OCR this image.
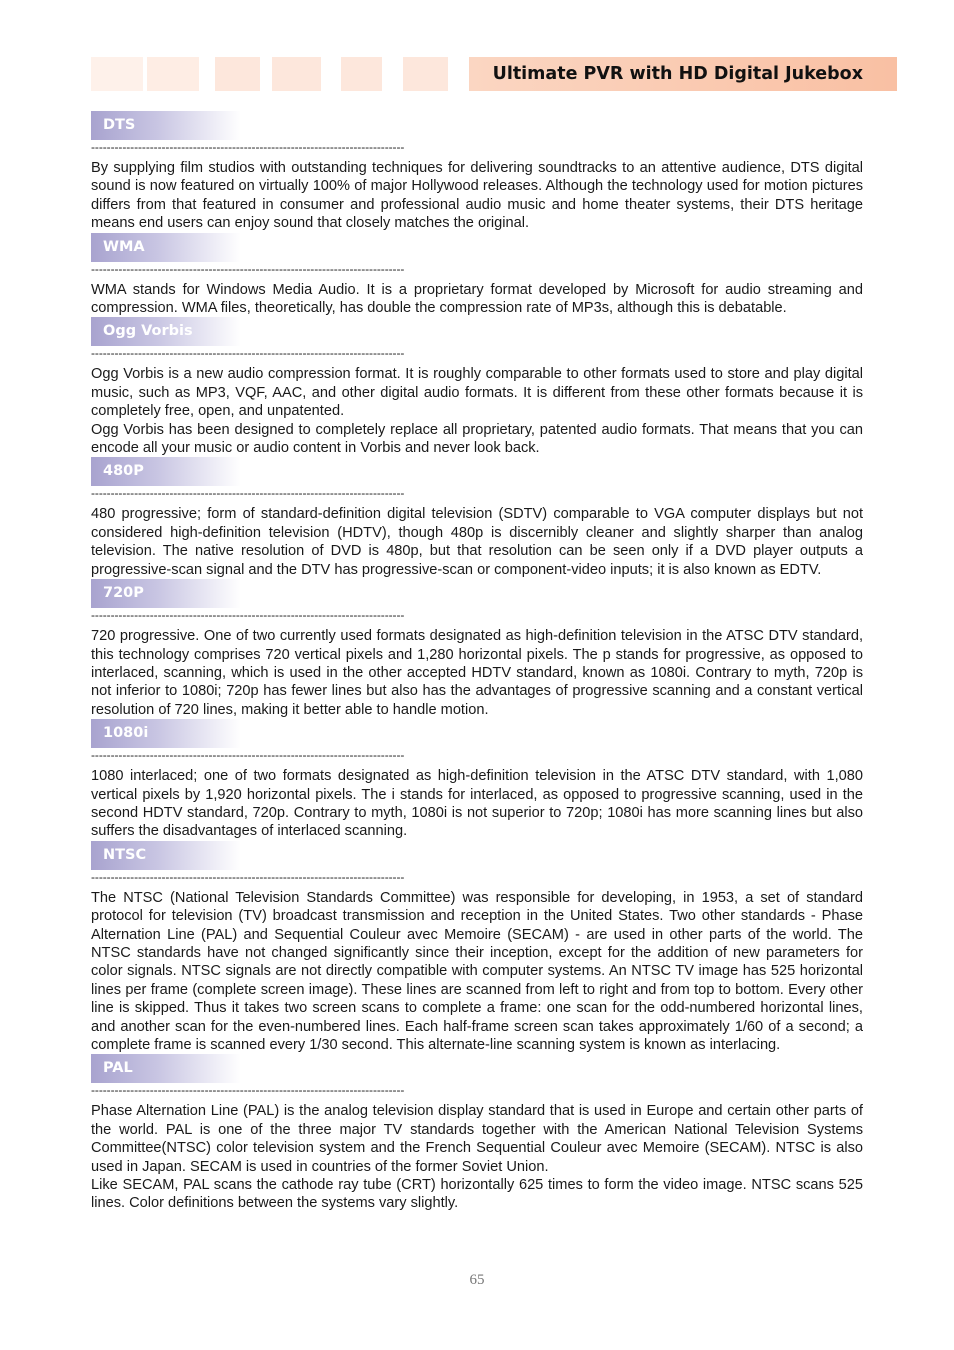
Ultimate PVR with HD Digital Jukebox
DTS
--------------------------------------------------------------------------------

By supplying film studios with outstanding techniques for delivering soundtracks to an attentive audience, DTS digital sound is now featured on virtually 100% of major Hollywood releases. Although the technology used for motion pictures differs from that featured in consumer and professional audio music and home theater systems, their DTS heritage means end users can enjoy sound that closely matches the original.

WMA
--------------------------------------------------------------------------------

WMA stands for Windows Media Audio. It is a proprietary format developed by Microsoft for audio streaming and compression. WMA files, theoretically, has double the compression rate of MP3s, although this is debatable.

Ogg Vorbis
--------------------------------------------------------------------------------

Ogg Vorbis is a new audio compression format. It is roughly comparable to other formats used to store and play digital music, such as MP3, VQF, AAC, and other digital audio formats. It is different from these other formats because it is completely free, open, and unpatented.

Ogg Vorbis has been designed to completely replace all proprietary, patented audio formats. That means that you can encode all your music or audio content in Vorbis and never look back.

480P
--------------------------------------------------------------------------------

480 progressive; form of standard-definition digital television (SDTV) comparable to VGA computer displays but not considered high-definition television (HDTV), though 480p is discernibly cleaner and slightly sharper than analog television. The native resolution of DVD is 480p, but that resolution can be seen only if a DVD player outputs a progressive-scan signal and the DTV has progressive-scan or component-video inputs; it is also known as EDTV.

720P
--------------------------------------------------------------------------------

720 progressive. One of two currently used formats designated as high-definition television in the ATSC DTV standard, this technology comprises 720 vertical pixels and 1,280 horizontal pixels. The p stands for progressive, as opposed to interlaced, scanning, which is used in the other accepted HDTV standard, known as 1080i. Contrary to myth, 720p is not inferior to 1080i; 720p has fewer lines but also has the advantages of progressive scanning and a constant vertical resolution of 720 lines, making it better able to handle motion.

1080i
--------------------------------------------------------------------------------

1080 interlaced; one of two formats designated as high-definition television in the ATSC DTV standard, with 1,080 vertical pixels by 1,920 horizontal pixels. The i stands for interlaced, as opposed to progressive scanning, used in the second HDTV standard, 720p. Contrary to myth, 1080i is not superior to 720p; 1080i has more scanning lines but also suffers the disadvantages of interlaced scanning.

NTSC
--------------------------------------------------------------------------------

The NTSC (National Television Standards Committee) was responsible for developing, in 1953, a set of standard protocol for television (TV) broadcast transmission and reception in the United States. Two other standards - Phase Alternation Line (PAL) and Sequential Couleur avec Memoire (SECAM) - are used in other parts of the world. The NTSC standards have not changed significantly since their inception, except for the addition of new parameters for color signals. NTSC signals are not directly compatible with computer systems. An NTSC TV image has 525 horizontal lines per frame (complete screen image). These lines are scanned from left to right and from top to bottom. Every other line is skipped. Thus it takes two screen scans to complete a frame: one scan for the odd-numbered horizontal lines, and another scan for the even-numbered lines. Each half-frame screen scan takes approximately 1/60 of a second; a complete frame is scanned every 1/30 second. This alternate-line scanning system is known as interlacing.

PAL
--------------------------------------------------------------------------------

Phase Alternation Line (PAL) is the analog television display standard that is used in Europe and certain other parts of the world. PAL is one of the three major TV standards together with the American National Television Systems Committee(NTSC) color television system and the French Sequential Couleur avec Memoire (SECAM). NTSC is also used in Japan. SECAM is used in countries of the former Soviet Union.

Like SECAM, PAL scans the cathode ray tube (CRT) horizontally 625 times to form the video image. NTSC scans 525 lines. Color definitions between the systems vary slightly.

65
